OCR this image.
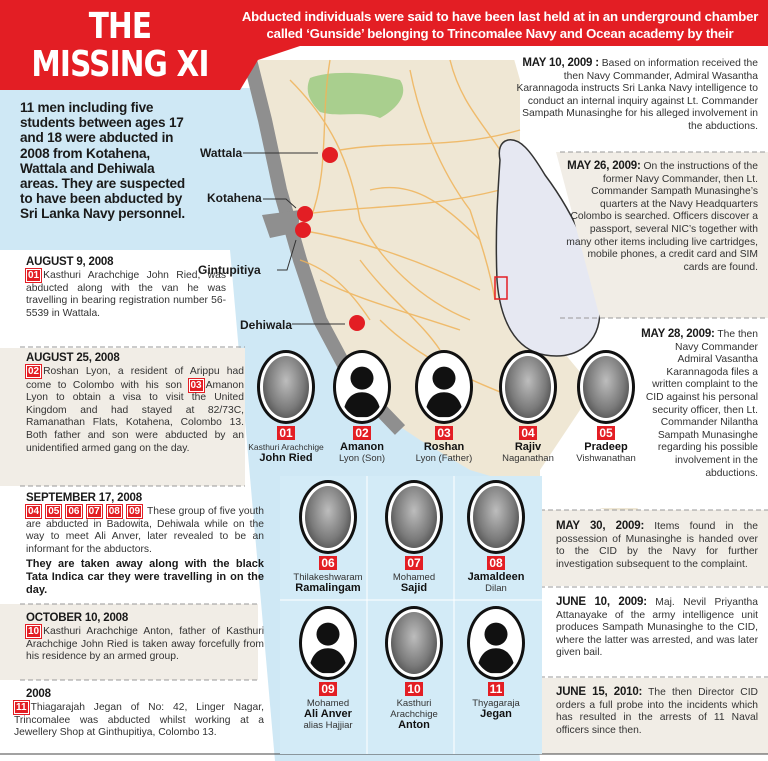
Wattala
Kotahena
Gintupitiya
Dehiwala
THE
MISSING XI
Abducted individuals were said to have been last held at in an underground chamber called ‘Gunside’ belonging to Trincomalee Navy and Ocean academy by their captors.
11 men including five students between ages 17 and 18 were abducted in 2008 from Kotahena, Wattala and Dehiwala areas. They are suspected to have been abducted by Sri Lanka Navy personnel.
AUGUST 9, 2008
01 Kasthuri Arachchige John Ried, was abducted along with the van he was travelling in bearing registration number 56-5539 in Wattala.
AUGUST 25, 2008
02 Roshan Lyon, a resident of Arippu had come to Colombo with his son 03 Amanon Lyon to obtain a visa to visit the United Kingdom and had stayed at 82/73C, Ramanathan Flats, Kotahena, Colombo 13. Both father and son were abducted by an unidentified armed gang on the day.
SEPTEMBER 17, 2008
04 05 06 07 08 09 These group of five youth are abducted in Badowita, Dehiwala while on the way to meet Ali Anver, later revealed to be an informant for the abductors.
They are taken away along with the black Tata Indica car they were travelling in on the day.
OCTOBER 10, 2008
10 Kasthuri Arachchige Anton, father of Kasthuri Arachchige John Ried is taken away forcefully from his residence by an armed group.
2008
11 Thiagarajah Jegan of No: 42, Linger Nagar, Trincomalee was abducted whilst working at a Jewellery Shop at Ginthupitiya, Colombo 13.
MAY 10, 2009 : Based on information received the then Navy Commander, Admiral Wasantha Karannagoda instructs Sri Lanka Navy intelligence to conduct an internal inquiry against Lt. Commander Sampath Munasinghe for his alleged involvement in the abductions.
MAY 26, 2009: On the instructions of the former Navy Commander, then Lt. Commander Sampath Munasinghe’s quarters at the Navy Headquarters Colombo is searched. Officers discover a passport, several NIC’s together with many other items including live cartridges, mobile phones, a credit card and SIM cards are found.
MAY 28, 2009: The then Navy Commander Admiral Vasantha Karannagoda files a written complaint to the CID against his personal security officer, then Lt. Commander Nilantha Sampath Munasinghe regarding his possible involvement in the abductions.
MAY 30, 2009: Items found in the possession of Munasinghe is handed over to the CID by the Navy for further investigation subsequent to the complaint.
JUNE 10, 2009: Maj. Nevil Priyantha Attanayake of the army intelligence unit produces Sampath Munasinghe to the CID, where the latter was arrested, and was later given bail.
JUNE 15, 2010: The then Director CID orders a full probe into the incidents which has resulted in the arrests of 11 Naval officers since then.
01
Kasthuri Arachchige
John Ried
02
Amanon
Lyon (Son)
03
Roshan
Lyon (Father)
04
Rajiv
Naganathan
05
Pradeep
Vishwanathan
06
Thilakeshwaram
Ramalingam
07
Mohamed
Sajid
08
Jamaldeen
Dilan
09
Mohamed
Ali Anver
alias Hajjiar
10
Kasthuri Arachchige
Anton
11
Thyagaraja
Jegan
